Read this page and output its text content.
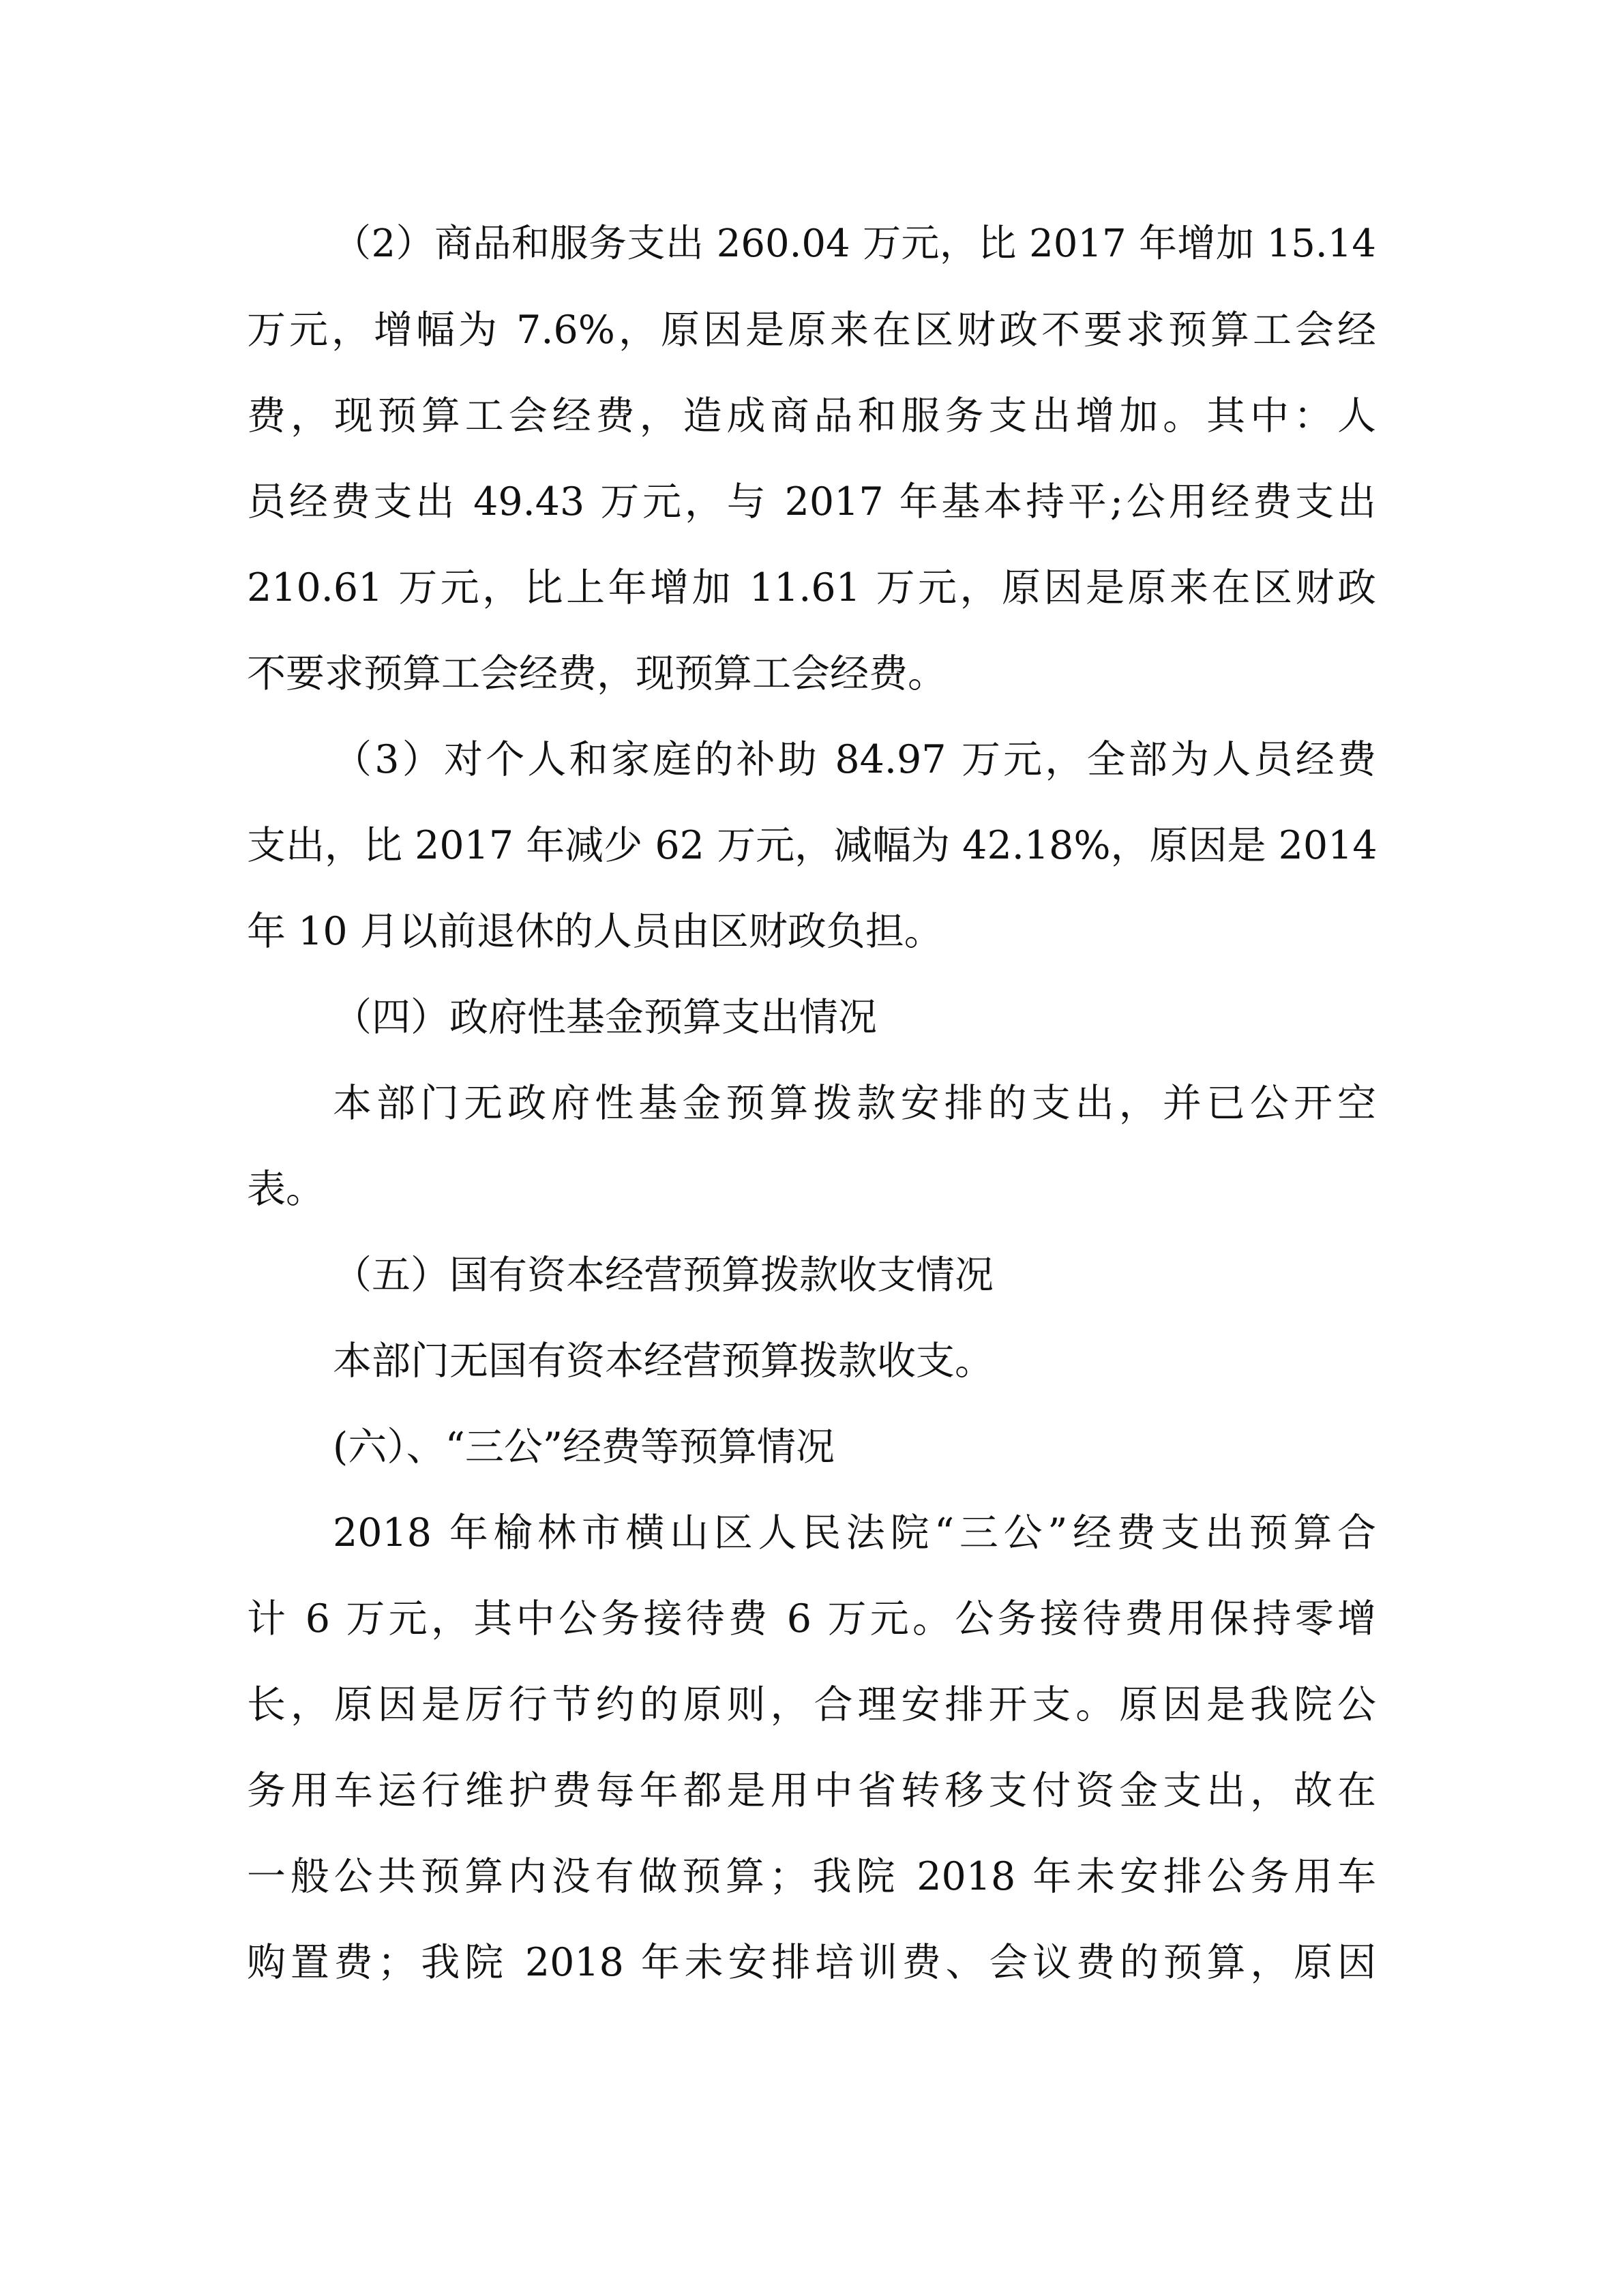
（2）商品和服务支出 260.04 万元，比 2017 年增加 15.14
万元，增幅为 7.6%，原因是原来在区财政不要求预算工会经
费，现预算工会经费，造成商品和服务支出增加。其中：人
员经费支出 49.43 万元，与 2017 年基本持平;公用经费支出
210.61 万元，比上年增加 11.61 万元，原因是原来在区财政
不要求预算工会经费，现预算工会经费。
（3）对个人和家庭的补助 84.97 万元，全部为人员经费
支出，比 2017 年减少 62 万元，减幅为 42.18%，原因是 2014
年 10 月以前退休的人员由区财政负担。
（四）政府性基金预算支出情况
本部门无政府性基金预算拨款安排的支出，并已公开空
表。
（五）国有资本经营预算拨款收支情况
本部门无国有资本经营预算拨款收支。
(六）、“三公”经费等预算情况
2018 年榆林市横山区人民法院“三公”经费支出预算合
计 6 万元，其中公务接待费 6 万元。公务接待费用保持零增
长，原因是厉行节约的原则，合理安排开支。原因是我院公
务用车运行维护费每年都是用中省转移支付资金支出，故在
一般公共预算内没有做预算；我院 2018 年未安排公务用车
购置费；我院 2018 年未安排培训费、会议费的预算，原因
